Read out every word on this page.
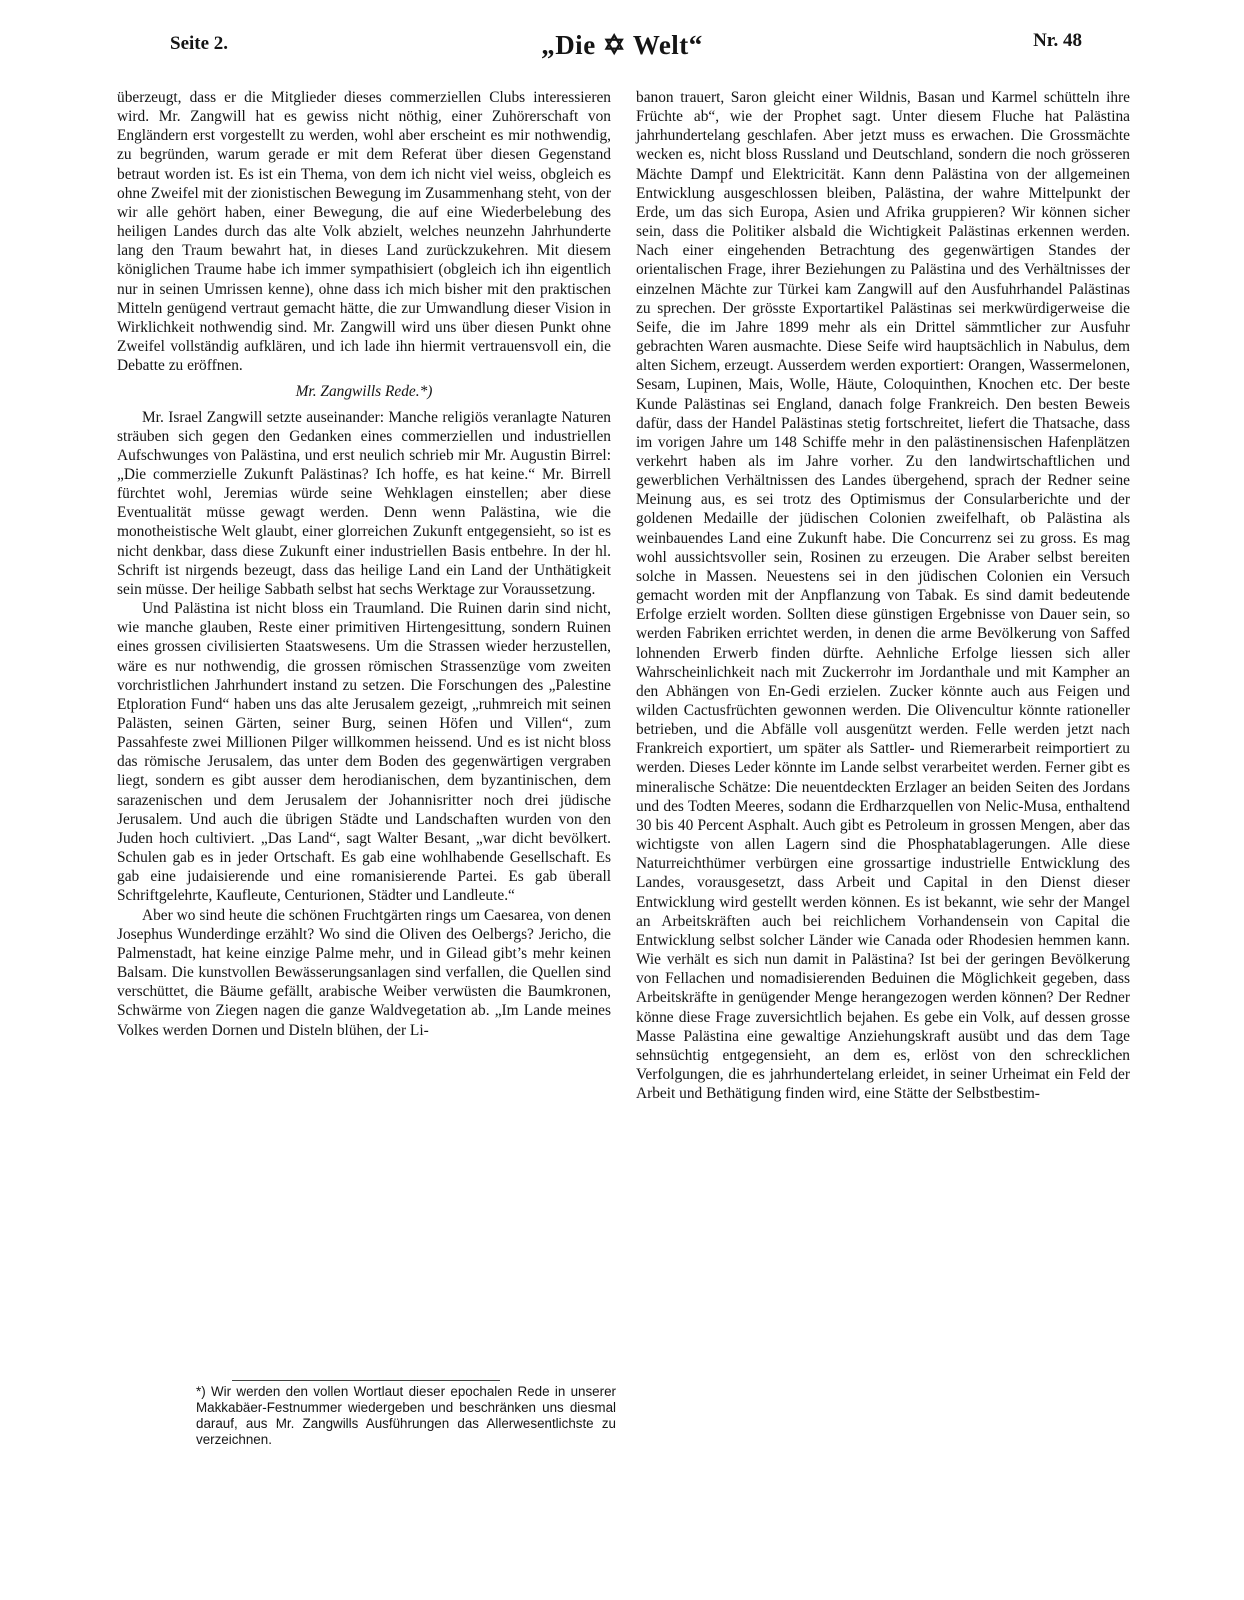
Seite 2.	„Die ✡ Welt“	Nr. 48

überzeugt, dass er die Mitglieder dieses commerziellen Clubs interessieren wird. Mr. Zangwill hat es gewiss nicht nöthig, einer Zuhörerschaft von Engländern erst vorgestellt zu werden, wohl aber erscheint es mir nothwendig, zu begründen, warum gerade er mit dem Referat über diesen Gegenstand betraut worden ist. Es ist ein Thema, von dem ich nicht viel weiss, obgleich es ohne Zweifel mit der zionistischen Bewegung im Zusammenhang steht, von der wir alle gehört haben, einer Bewegung, die auf eine Wiederbelebung des heiligen Landes durch das alte Volk abzielt, welches neunzehn Jahrhunderte lang den Traum bewahrt hat, in dieses Land zurückzukehren. Mit diesem königlichen Traume habe ich immer sympathisiert (obgleich ich ihn eigentlich nur in seinen Umrissen kenne), ohne dass ich mich bisher mit den praktischen Mitteln genügend vertraut gemacht hätte, die zur Umwandlung dieser Vision in Wirklichkeit nothwendig sind. Mr. Zangwill wird uns über diesen Punkt ohne Zweifel vollständig aufklären, und ich lade ihn hiermit vertrauensvoll ein, die Debatte zu eröffnen.

Mr. Zangwills Rede.*)

Mr. Israel Zangwill setzte auseinander: Manche religiös veranlagte Naturen sträuben sich gegen den Gedanken eines commerziellen und industriellen Aufschwunges von Palästina, und erst neulich schrieb mir Mr. Augustin Birrel: „Die commerzielle Zukunft Palästinas? Ich hoffe, es hat keine.“ Mr. Birrell fürchtet wohl, Jeremias würde seine Wehklagen einstellen; aber diese Eventualität müsse gewagt werden. Denn wenn Palästina, wie die monotheistische Welt glaubt, einer glorreichen Zukunft entgegensieht, so ist es nicht denkbar, dass diese Zukunft einer industriellen Basis entbehre. In der hl. Schrift ist nirgends bezeugt, dass das heilige Land ein Land der Unthätigkeit sein müsse. Der heilige Sabbath selbst hat sechs Werktage zur Voraussetzung.

Und Palästina ist nicht bloss ein Traumland. Die Ruinen darin sind nicht, wie manche glauben, Reste einer primitiven Hirtengesittung, sondern Ruinen eines grossen civilisierten Staatswesens. Um die Strassen wieder herzustellen, wäre es nur nothwendig, die grossen römischen Strassenzüge vom zweiten vorchristlichen Jahrhundert instand zu setzen. Die Forschungen des „Palestine Etploration Fund“ haben uns das alte Jerusalem gezeigt, „ruhmreich mit seinen Palästen, seinen Gärten, seiner Burg, seinen Höfen und Villen“, zum Passahfeste zwei Millionen Pilger willkommen heissend. Und es ist nicht bloss das römische Jerusalem, das unter dem Boden des gegenwärtigen vergraben liegt, sondern es gibt ausser dem herodianischen, dem byzantinischen, dem sarazenischen und dem Jerusalem der Johannisritter noch drei jüdische Jerusalem. Und auch die übrigen Städte und Landschaften wurden von den Juden hoch cultiviert. „Das Land“, sagt Walter Besant, „war dicht bevölkert. Schulen gab es in jeder Ortschaft. Es gab eine wohlhabende Gesellschaft. Es gab eine judaisierende und eine romanisierende Partei. Es gab überall Schriftgelehrte, Kaufleute, Centurionen, Städter und Landleute.“

Aber wo sind heute die schönen Fruchtgärten rings um Caesarea, von denen Josephus Wunderdinge erzählt? Wo sind die Oliven des Oelbergs? Jericho, die Palmenstadt, hat keine einzige Palme mehr, und in Gilead gibt’s mehr keinen Balsam. Die kunstvollen Bewässerungsanlagen sind verfallen, die Quellen sind verschüttet, die Bäume gefällt, arabische Weiber verwüsten die Baumkronen, Schwärme von Ziegen nagen die ganze Waldvegetation ab. „Im Lande meines Volkes werden Dornen und Disteln blühen, der Li-

*) Wir werden den vollen Wortlaut dieser epochalen Rede in unserer Makkabäer-Festnummer wiedergeben und beschränken uns diesmal darauf, aus Mr. Zangwills Ausführungen das Allerwesentlichste zu verzeichnen.

banon trauert, Saron gleicht einer Wildnis, Basan und Karmel schütteln ihre Früchte ab“, wie der Prophet sagt. Unter diesem Fluche hat Palästina jahrhundertelang geschlafen. Aber jetzt muss es erwachen. Die Grossmächte wecken es, nicht bloss Russland und Deutschland, sondern die noch grösseren Mächte Dampf und Elektricität. Kann denn Palästina von der allgemeinen Entwicklung ausgeschlossen bleiben, Palästina, der wahre Mittelpunkt der Erde, um das sich Europa, Asien und Afrika gruppieren? Wir können sicher sein, dass die Politiker alsbald die Wichtigkeit Palästinas erkennen werden. Nach einer eingehenden Betrachtung des gegenwärtigen Standes der orientalischen Frage, ihrer Beziehungen zu Palästina und des Verhältnisses der einzelnen Mächte zur Türkei kam Zangwill auf den Ausfuhrhandel Palästinas zu sprechen. Der grösste Exportartikel Palästinas sei merkwürdigerweise die Seife, die im Jahre 1899 mehr als ein Drittel sämmtlicher zur Ausfuhr gebrachten Waren ausmachte. Diese Seife wird hauptsächlich in Nabulus, dem alten Sichem, erzeugt. Ausserdem werden exportiert: Orangen, Wassermelonen, Sesam, Lupinen, Mais, Wolle, Häute, Coloquinthen, Knochen etc. Der beste Kunde Palästinas sei England, danach folge Frankreich. Den besten Beweis dafür, dass der Handel Palästinas stetig fortschreitet, liefert die Thatsache, dass im vorigen Jahre um 148 Schiffe mehr in den palästinensischen Hafenplätzen verkehrt haben als im Jahre vorher. Zu den landwirtschaftlichen und gewerblichen Verhältnissen des Landes übergehend, sprach der Redner seine Meinung aus, es sei trotz des Optimismus der Consularberichte und der goldenen Medaille der jüdischen Colonien zweifelhaft, ob Palästina als weinbauendes Land eine Zukunft habe. Die Concurrenz sei zu gross. Es mag wohl aussichtsvoller sein, Rosinen zu erzeugen. Die Araber selbst bereiten solche in Massen. Neuestens sei in den jüdischen Colonien ein Versuch gemacht worden mit der Anpflanzung von Tabak. Es sind damit bedeutende Erfolge erzielt worden. Sollten diese günstigen Ergebnisse von Dauer sein, so werden Fabriken errichtet werden, in denen die arme Bevölkerung von Saffed lohnenden Erwerb finden dürfte. Aehnliche Erfolge liessen sich aller Wahrscheinlichkeit nach mit Zuckerrohr im Jordanthale und mit Kampher an den Abhängen von En-Gedi erzielen. Zucker könnte auch aus Feigen und wilden Cactusfrüchten gewonnen werden. Die Olivencultur könnte rationeller betrieben, und die Abfälle voll ausgenützt werden. Felle werden jetzt nach Frankreich exportiert, um später als Sattler- und Riemerarbeit reimportiert zu werden. Dieses Leder könnte im Lande selbst verarbeitet werden. Ferner gibt es mineralische Schätze: Die neuentdeckten Erzlager an beiden Seiten des Jordans und des Todten Meeres, sodann die Erdharzquellen von Nelic-Musa, enthaltend 30 bis 40 Percent Asphalt. Auch gibt es Petroleum in grossen Mengen, aber das wichtigste von allen Lagern sind die Phosphatablagerungen. Alle diese Naturreichthümer verbürgen eine grossartige industrielle Entwicklung des Landes, vorausgesetzt, dass Arbeit und Capital in den Dienst dieser Entwicklung wird gestellt werden können. Es ist bekannt, wie sehr der Mangel an Arbeitskräften auch bei reichlichem Vorhandensein von Capital die Entwicklung selbst solcher Länder wie Canada oder Rhodesien hemmen kann. Wie verhält es sich nun damit in Palästina? Ist bei der geringen Bevölkerung von Fellachen und nomadisierenden Beduinen die Möglichkeit gegeben, dass Arbeitskräfte in genügender Menge herangezogen werden können? Der Redner könne diese Frage zuversichtlich bejahen. Es gebe ein Volk, auf dessen grosse Masse Palästina eine gewaltige Anziehungskraft ausübt und das dem Tage sehnsüchtig entgegensieht, an dem es, erlöst von den schrecklichen Verfolgungen, die es jahrhundertelang erleidet, in seiner Urheimat ein Feld der Arbeit und Bethätigung finden wird, eine Stätte der Selbstbestim-
